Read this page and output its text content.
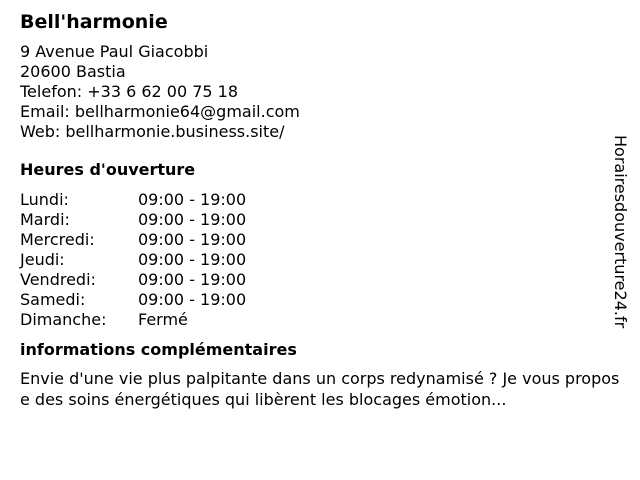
Bell'harmonie
9 Avenue Paul Giacobbi
20600 Bastia
Telefon: +33 6 62 00 75 18
Email: bellharmonie64@gmail.com
Web: bellharmonie.business.site/
Heures d'ouverture
Lundi:	09:00 - 19:00
Mardi:	09:00 - 19:00
Mercredi:	09:00 - 19:00
Jeudi:	09:00 - 19:00
Vendredi:	09:00 - 19:00
Samedi:	09:00 - 19:00
Dimanche:	Fermé
informations complémentaires
Envie d'une vie plus palpitante dans un corps redynamisé ? Je vous propose des soins énergétiques qui libèrent les blocages émotion...
Horairesdouverture24.fr
